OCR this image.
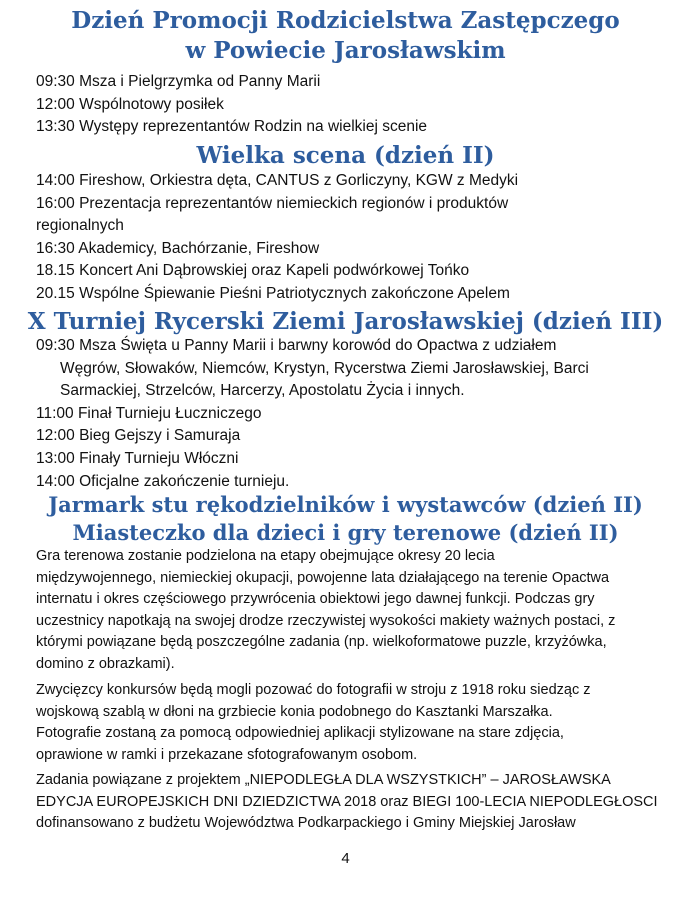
Dzień Promocji Rodzicielstwa Zastępczego

w Powiecie Jarosławskim

09:30 Msza i Pielgrzymka od Panny Marii

12:00 Wspólnotowy posiłek

13:30 Występy reprezentantów Rodzin na wielkiej scenie

Wielka scena (dzień II)

14:00 Fireshow, Orkiestra dęta, CANTUS z Gorliczyny, KGW z Medyki

16:00 Prezentacja reprezentantów niemieckich regionów i produktów

regionalnych

16:30 Akademicy, Bachórzanie, Fireshow

18.15 Koncert Ani Dąbrowskiej oraz Kapeli podwórkowej Tońko

20.15 Wspólne Śpiewanie Pieśni Patriotycznych zakończone Apelem

X Turniej Rycerski Ziemi Jarosławskiej (dzień III)

09:30 Msza Święta u Panny Marii i barwny korowód do Opactwa z udziałem

Węgrów, Słowaków, Niemców, Krystyn, Rycerstwa Ziemi Jarosławskiej, Barci

Sarmackiej, Strzelców, Harcerzy, Apostolatu Życia i innych.

11:00 Finał Turnieju Łuczniczego

12:00 Bieg Gejszy i Samuraja

13:00 Finały Turnieju Włóczni

14:00 Oficjalne zakończenie turnieju.

Jarmark stu rękodzielników i wystawców (dzień II)

Miasteczko dla dzieci i gry terenowe (dzień II)

Gra terenowa zostanie podzielona na etapy obejmujące okresy 20 lecia

międzywojennego, niemieckiej okupacji, powojenne lata działającego na terenie Opactwa

internatu i okres częściowego przywrócenia obiektowi jego dawnej funkcji. Podczas gry

uczestnicy napotkają na swojej drodze rzeczywistej wysokości makiety ważnych postaci, z

którymi powiązane będą poszczególne zadania (np. wielkoformatowe puzzle, krzyżówka,

domino z obrazkami).

Zwycięzcy konkursów będą mogli pozować do fotografii w stroju z 1918 roku siedząc z

wojskową szablą w dłoni na grzbiecie konia podobnego do Kasztanki Marszałka.

Fotografie zostaną za pomocą odpowiedniej aplikacji stylizowane na stare zdjęcia,

oprawione w ramki i przekazane sfotografowanym osobom.

Zadania powiązane z projektem „NIEPODLEGŁA DLA WSZYSTKICH” – JAROSŁAWSKA

EDYCJA EUROPEJSKICH DNI DZIEDZICTWA 2018 oraz BIEGI 100-LECIA NIEPODLEGŁOSCI

dofinansowano z budżetu Województwa Podkarpackiego i Gminy Miejskiej Jarosław

4
